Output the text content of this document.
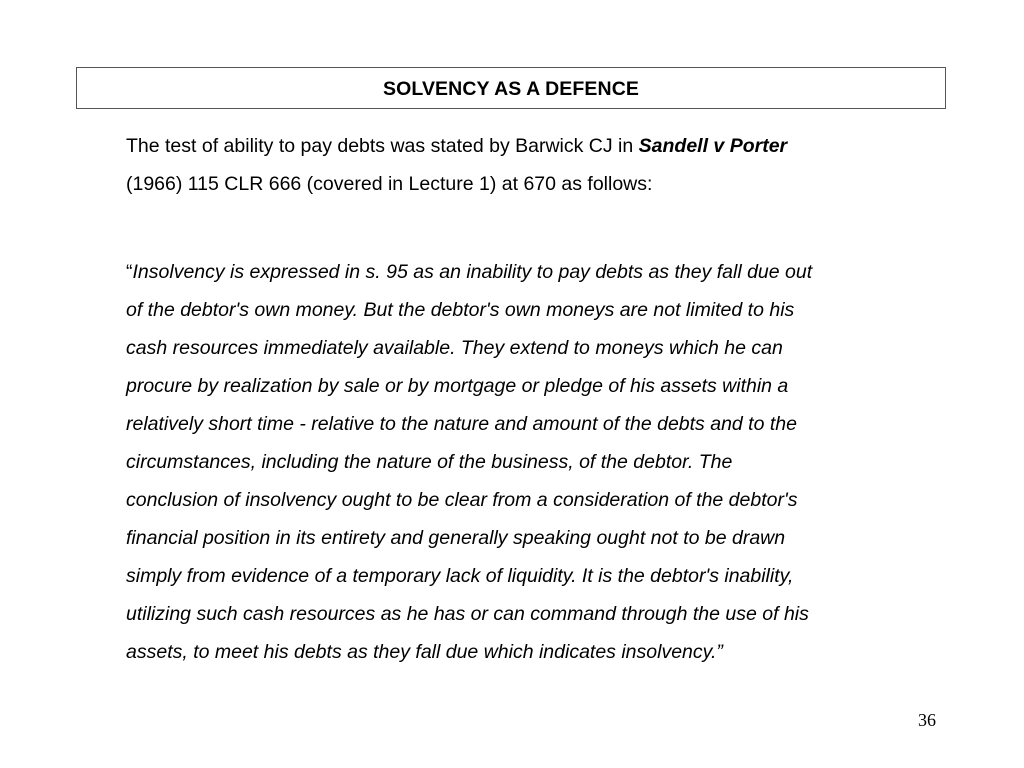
SOLVENCY AS A DEFENCE

The test of ability to pay debts was stated by Barwick CJ in Sandell v Porter
(1966) 115 CLR 666 (covered in Lecture 1) at 670 as follows:

“Insolvency is expressed in s. 95 as an inability to pay debts as they fall due out
of the debtor's own money. But the debtor's own moneys are not limited to his
cash resources immediately available. They extend to moneys which he can
procure by realization by sale or by mortgage or pledge of his assets within a
relatively short time - relative to the nature and amount of the debts and to the
circumstances, including the nature of the business, of the debtor. The
conclusion of insolvency ought to be clear from a consideration of the debtor's
financial position in its entirety and generally speaking ought not to be drawn
simply from evidence of a temporary lack of liquidity. It is the debtor's inability,
utilizing such cash resources as he has or can command through the use of his
assets, to meet his debts as they fall due which indicates insolvency.”
36
